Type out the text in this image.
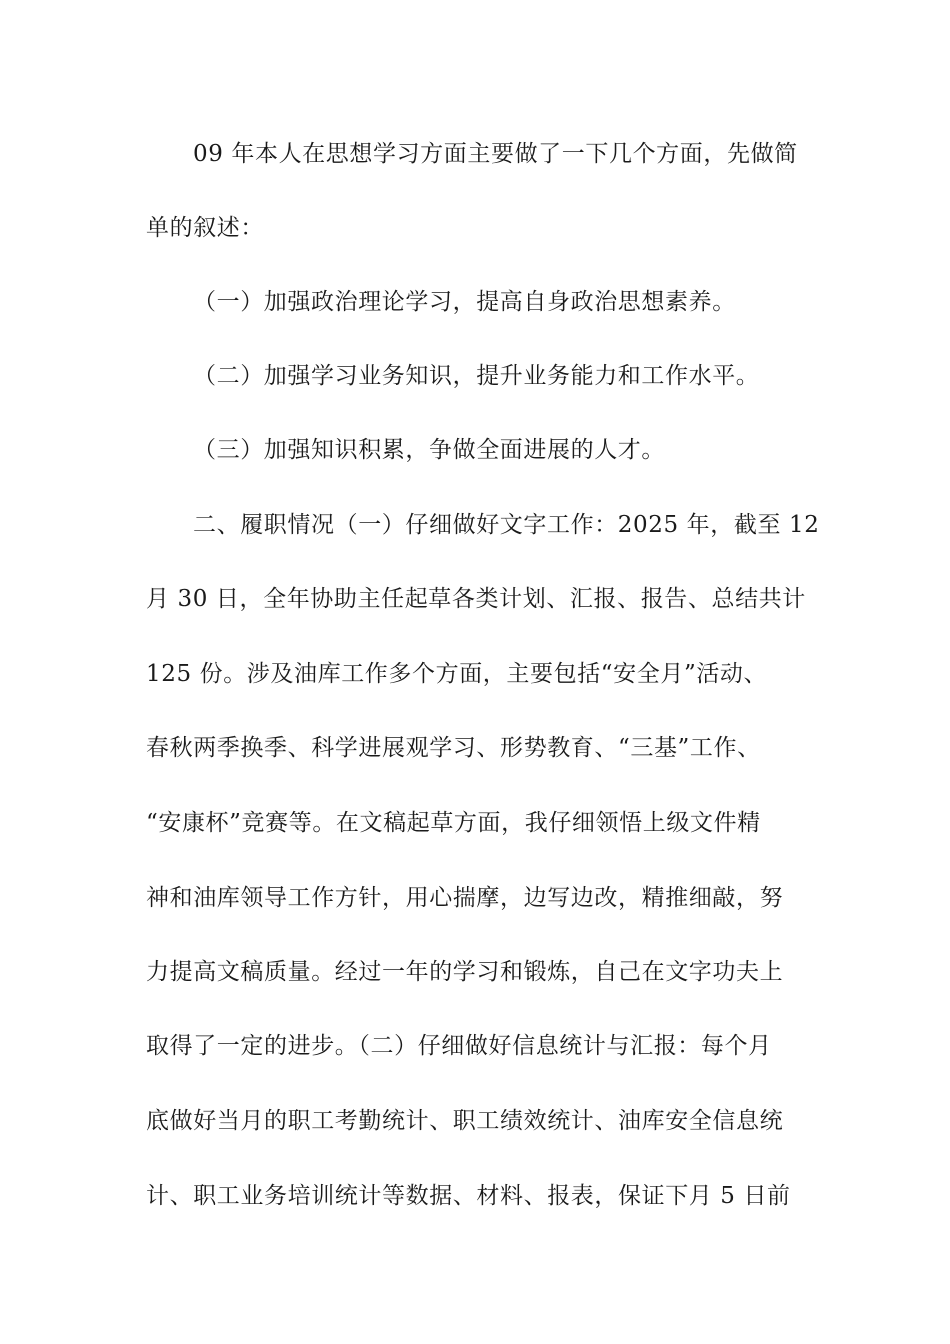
09 年本人在思想学习方面主要做了一下几个方面，先做简
单的叙述：
（一）加强政治理论学习，提高自身政治思想素养。
（二）加强学习业务知识，提升业务能力和工作水平。
（三）加强知识积累，争做全面进展的人才。
二、履职情况（一）仔细做好文字工作：2025 年，截至 12
月 30 日，全年协助主任起草各类计划、汇报、报告、总结共计
125 份。涉及油库工作多个方面，主要包括“安全月”活动、
春秋两季换季、科学进展观学习、形势教育、“三基”工作、
“安康杯”竞赛等。在文稿起草方面，我仔细领悟上级文件精
神和油库领导工作方针，用心揣摩，边写边改，精推细敲，努
力提高文稿质量。经过一年的学习和锻炼，自己在文字功夫上
取得了一定的进步。（二）仔细做好信息统计与汇报：每个月
底做好当月的职工考勤统计、职工绩效统计、油库安全信息统
计、职工业务培训统计等数据、材料、报表，保证下月 5 日前
